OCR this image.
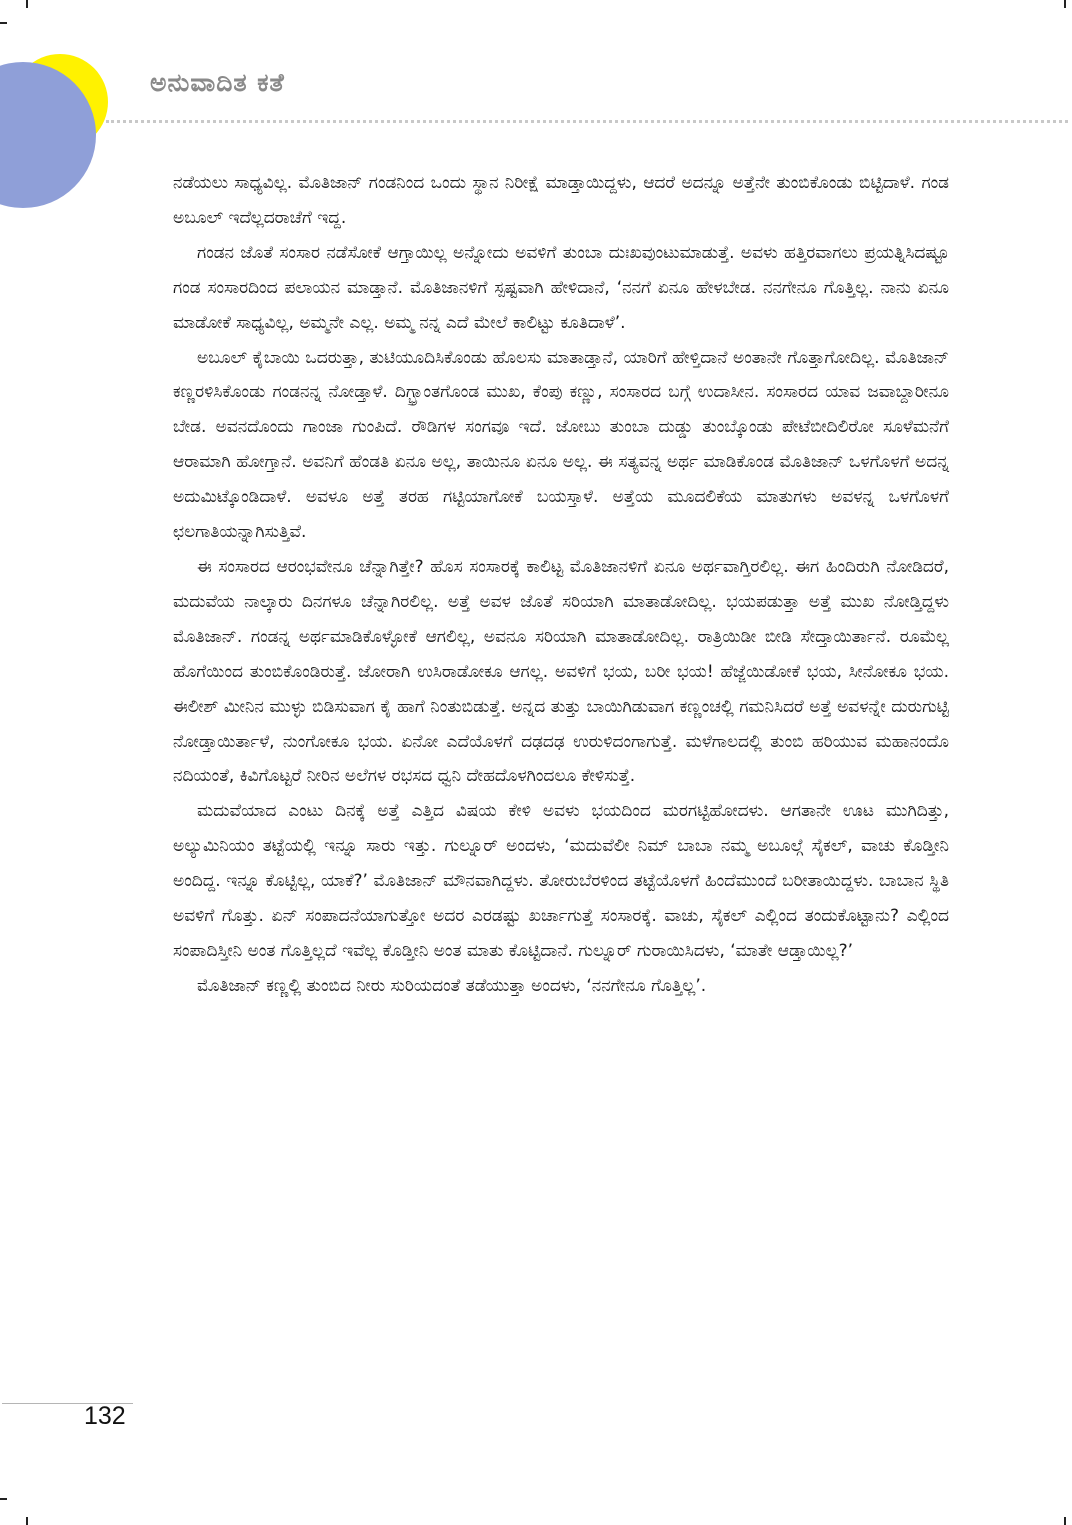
ಅನುವಾದಿತ ಕತೆ

ನಡೆಯಲು ಸಾಧ್ಯವಿಲ್ಲ. ಮೊತಿಜಾನ್ ಗಂಡನಿಂದ ಒಂದು ಸ್ಥಾನ ನಿರೀಕ್ಷೆ ಮಾಡ್ತಾಯಿದ್ದಳು, ಆದರೆ ಅದನ್ನೂ ಅತ್ತೆನೇ ತುಂಬಿಕೊಂಡು ಬಿಟ್ಟಿದಾಳೆ. ಗಂಡ ಅಬೂಲ್ ಇದೆಲ್ಲದರಾಚೆಗೆ ಇದ್ದ.

ಗಂಡನ ಜೊತೆ ಸಂಸಾರ ನಡೆಸೋಕೆ ಆಗ್ತಾಯಿಲ್ಲ ಅನ್ನೋದು ಅವಳಿಗೆ ತುಂಬಾ ದುಃಖವುಂಟುಮಾಡುತ್ತೆ. ಅವಳು ಹತ್ತಿರವಾಗಲು ಪ್ರಯತ್ನಿಸಿದಷ್ಟೂ ಗಂಡ ಸಂಸಾರದಿಂದ ಪಲಾಯನ ಮಾಡ್ತಾನೆ. ಮೊತಿಜಾನಳಿಗೆ ಸ್ಪಷ್ಟವಾಗಿ ಹೇಳಿದಾನೆ, ‘ನನಗೆ ಏನೂ ಹೇಳಬೇಡ. ನನಗೇನೂ ಗೊತ್ತಿಲ್ಲ. ನಾನು ಏನೂ ಮಾಡೋಕೆ ಸಾಧ್ಯವಿಲ್ಲ, ಅಮ್ಮನೇ ಎಲ್ಲ. ಅಮ್ಮ ನನ್ನ ಎದೆ ಮೇಲೆ ಕಾಲಿಟ್ಟು ಕೂತಿದಾಳೆ’.

ಅಬೂಲ್ ಕೈಬಾಯಿ ಒದರುತ್ತಾ, ತುಟಿಯೂದಿಸಿಕೊಂಡು ಹೊಲಸು ಮಾತಾಡ್ತಾನೆ, ಯಾರಿಗೆ ಹೇಳ್ತಿದಾನೆ ಅಂತಾನೇ ಗೊತ್ತಾಗೋದಿಲ್ಲ. ಮೊತಿಜಾನ್ ಕಣ್ಣರಳಿಸಿಕೊಂಡು ಗಂಡನನ್ನ ನೋಡ್ತಾಳೆ. ದಿಗ್ಭ್ರಾಂತಗೊಂಡ ಮುಖ, ಕೆಂಪು ಕಣ್ಣು, ಸಂಸಾರದ ಬಗ್ಗೆ ಉದಾಸೀನ. ಸಂಸಾರದ ಯಾವ ಜವಾಬ್ದಾರೀನೂ ಬೇಡ. ಅವನದೊಂದು ಗಾಂಜಾ ಗುಂಪಿದೆ. ರೌಡಿಗಳ ಸಂಗವೂ ಇದೆ. ಜೋಬು ತುಂಬಾ ದುಡ್ಡು ತುಂಬ್ಕೊಂಡು ಪೇಟೆಬೀದಿಲಿರೋ ಸೂಳೆಮನೆಗೆ ಆರಾಮಾಗಿ ಹೋಗ್ತಾನೆ. ಅವನಿಗೆ ಹೆಂಡತಿ ಏನೂ ಅಲ್ಲ, ತಾಯಿನೂ ಏನೂ ಅಲ್ಲ. ಈ ಸತ್ಯವನ್ನ ಅರ್ಥ ಮಾಡಿಕೊಂಡ ಮೊತಿಜಾನ್ ಒಳಗೊಳಗೆ ಅದನ್ನ ಅದುಮಿಟ್ಕೊಂಡಿದಾಳೆ. ಅವಳೂ ಅತ್ತೆ ತರಹ ಗಟ್ಟಿಯಾಗೋಕೆ ಬಯಸ್ತಾಳೆ. ಅತ್ತೆಯ ಮೂದಲಿಕೆಯ ಮಾತುಗಳು ಅವಳನ್ನ ಒಳಗೊಳಗೆ ಛಲಗಾತಿಯನ್ನಾಗಿಸುತ್ತಿವೆ.

ಈ ಸಂಸಾರದ ಆರಂಭವೇನೂ ಚೆನ್ನಾಗಿತ್ತೇ? ಹೊಸ ಸಂಸಾರಕ್ಕೆ ಕಾಲಿಟ್ಟ ಮೊತಿಜಾನಳಿಗೆ ಏನೂ ಅರ್ಥವಾಗ್ತಿರಲಿಲ್ಲ. ಈಗ ಹಿಂದಿರುಗಿ ನೋಡಿದರೆ, ಮದುವೆಯ ನಾಲ್ಕಾರು ದಿನಗಳೂ ಚೆನ್ನಾಗಿರಲಿಲ್ಲ. ಅತ್ತೆ ಅವಳ ಜೊತೆ ಸರಿಯಾಗಿ ಮಾತಾಡೋದಿಲ್ಲ. ಭಯಪಡುತ್ತಾ ಅತ್ತೆ ಮುಖ ನೋಡ್ತಿದ್ದಳು ಮೊತಿಜಾನ್. ಗಂಡನ್ನ ಅರ್ಥಮಾಡಿಕೊಳ್ಳೋಕೆ ಆಗಲಿಲ್ಲ, ಅವನೂ ಸರಿಯಾಗಿ ಮಾತಾಡೋದಿಲ್ಲ. ರಾತ್ರಿಯಿಡೀ ಬೀಡಿ ಸೇದ್ತಾಯಿರ್ತಾನೆ. ರೂಮೆಲ್ಲ ಹೊಗೆಯಿಂದ ತುಂಬಿಕೊಂಡಿರುತ್ತೆ. ಜೋರಾಗಿ ಉಸಿರಾಡೋಕೂ ಆಗಲ್ಲ. ಅವಳಿಗೆ ಭಯ, ಬರೀ ಭಯ! ಹೆಜ್ಜೆಯಿಡೋಕೆ ಭಯ, ಸೀನೋಕೂ ಭಯ. ಈಲೀಶ್ ಮೀನಿನ ಮುಳ್ಳು ಬಿಡಿಸುವಾಗ ಕೈ ಹಾಗೆ ನಿಂತುಬಿಡುತ್ತೆ. ಅನ್ನದ ತುತ್ತು ಬಾಯಿಗಿಡುವಾಗ ಕಣ್ಣಂಚಲ್ಲಿ ಗಮನಿಸಿದರೆ ಅತ್ತೆ ಅವಳನ್ನೇ ದುರುಗುಟ್ಟಿ ನೋಡ್ತಾಯಿರ್ತಾಳೆ, ನುಂಗೋಕೂ ಭಯ. ಏನೋ ಎದೆಯೊಳಗೆ ದಢದಢ ಉರುಳಿದಂಗಾಗುತ್ತೆ. ಮಳೆಗಾಲದಲ್ಲಿ ತುಂಬಿ ಹರಿಯುವ ಮಹಾನಂದೊ ನದಿಯಂತೆ, ಕಿವಿಗೊಟ್ಟರೆ ನೀರಿನ ಅಲೆಗಳ ರಭಸದ ಧ್ವನಿ ದೇಹದೊಳಗಿಂದಲೂ ಕೇಳಿಸುತ್ತೆ.

ಮದುವೆಯಾದ ಎಂಟು ದಿನಕ್ಕೆ ಅತ್ತೆ ಎತ್ತಿದ ವಿಷಯ ಕೇಳಿ ಅವಳು ಭಯದಿಂದ ಮರಗಟ್ಟಿಹೋದಳು. ಆಗತಾನೇ ಊಟ ಮುಗಿದಿತ್ತು, ಅಲ್ಯುಮಿನಿಯಂ ತಟ್ಟೆಯಲ್ಲಿ ಇನ್ನೂ ಸಾರು ಇತ್ತು. ಗುಲ್ನೂರ್ ಅಂದಳು, ‘ಮದುವೆಲೀ ನಿಮ್ ಬಾಬಾ ನಮ್ಮ ಅಬೂಲ್ಗೆ ಸೈಕಲ್, ವಾಚು ಕೊಡ್ತೀನಿ ಅಂದಿದ್ದ. ಇನ್ನೂ ಕೊಟ್ಟಿಲ್ಲ, ಯಾಕೆ?’ ಮೊತಿಜಾನ್ ಮೌನವಾಗಿದ್ದಳು. ತೋರುಬೆರಳಿಂದ ತಟ್ಟೆಯೊಳಗೆ ಹಿಂದೆಮುಂದೆ ಬರೀತಾಯಿದ್ದಳು. ಬಾಬಾನ ಸ್ಥಿತಿ ಅವಳಿಗೆ ಗೊತ್ತು. ಏನ್ ಸಂಪಾದನೆಯಾಗುತ್ತೋ ಅದರ ಎರಡಷ್ಟು ಖರ್ಚಾಗುತ್ತೆ ಸಂಸಾರಕ್ಕೆ. ವಾಚು, ಸೈಕಲ್ ಎಲ್ಲಿಂದ ತಂದುಕೊಟ್ಟಾನು? ಎಲ್ಲಿಂದ ಸಂಪಾದಿಸ್ತೀನಿ ಅಂತ ಗೊತ್ತಿಲ್ಲದೆ ಇವೆಲ್ಲ ಕೊಡ್ತೀನಿ ಅಂತ ಮಾತು ಕೊಟ್ಟಿದಾನೆ. ಗುಲ್ನೂರ್ ಗುರಾಯಿಸಿದಳು, ‘ಮಾತೇ ಆಡ್ತಾಯಿಲ್ಲ?’

ಮೊತಿಜಾನ್ ಕಣ್ಣಲ್ಲಿ ತುಂಬಿದ ನೀರು ಸುರಿಯದಂತೆ ತಡೆಯುತ್ತಾ ಅಂದಳು, ‘ನನಗೇನೂ ಗೊತ್ತಿಲ್ಲ’.

132
